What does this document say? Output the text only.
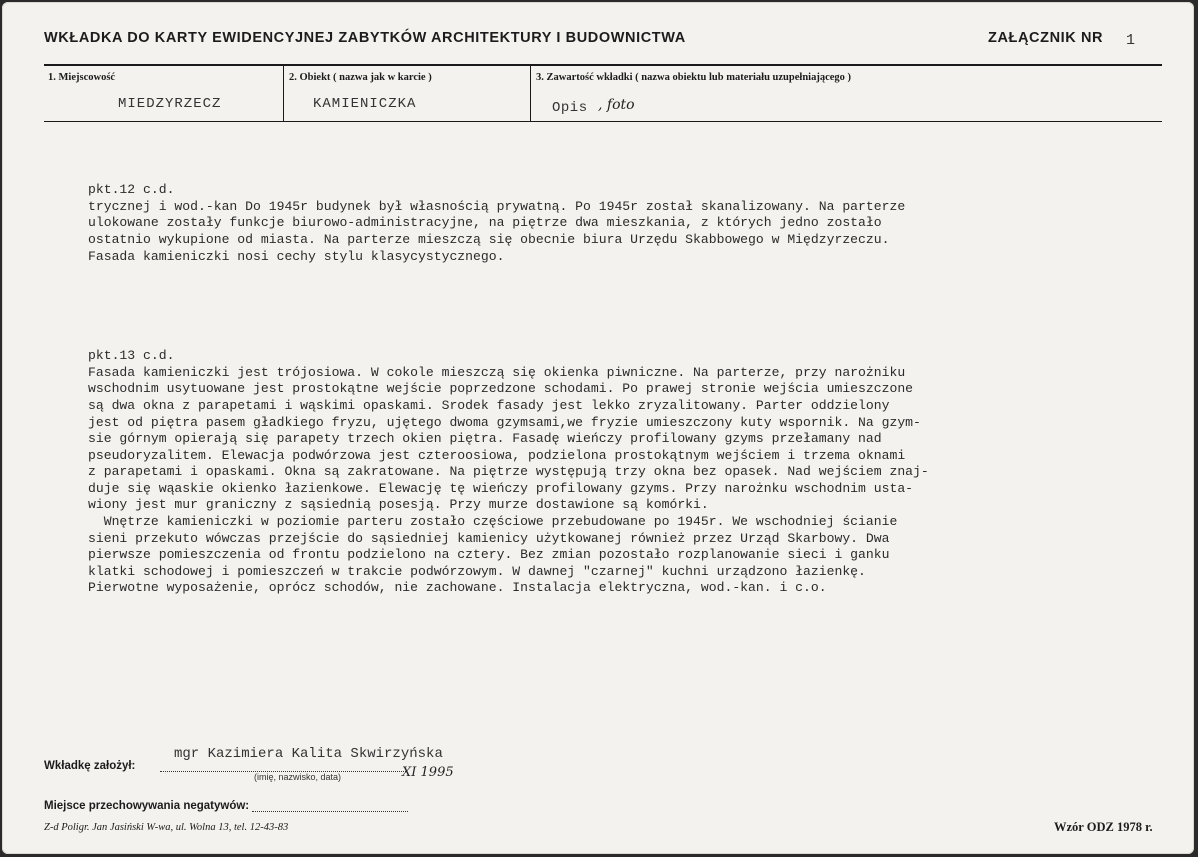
WKŁADKA DO KARTY EWIDENCYJNEJ ZABYTKÓW ARCHITEKTURY I BUDOWNICTWA	ZAŁĄCZNIK NR 1
1. Miejscowość
MIEDZYRZECZ
2. Obiekt ( nazwa jak w karcie )
KAMIENICZKA
3. Zawartość wkładki ( nazwa obiektu lub materiału uzupełniającego )
Opis , foto

pkt.12 c.d.
trycznej i wod.-kan Do 1945r budynek był własnością prywatną. Po 1945r został skanalizowany. Na parterze
ulokowane zostały funkcje biurowo-administracyjne, na piętrze dwa mieszkania, z których jedno zostało
ostatnio wykupione od miasta. Na parterze mieszczą się obecnie biura Urzędu Skabbowego w Międzyrzeczu.
Fasada kamieniczki nosi cechy stylu klasycystycznego.

pkt.13 c.d.
Fasada kamieniczki jest trójosiowa. W cokole mieszczą się okienka piwniczne. Na parterze, przy narożniku
wschodnim usytuowane jest prostokątne wejście poprzedzone schodami. Po prawej stronie wejścia umieszczone
są dwa okna z parapetami i wąskimi opaskami. Srodek fasady jest lekko zryzalitowany. Parter oddzielony
jest od piętra pasem gładkiego fryzu, ujętego dwoma gzymsami,we fryzie umieszczony kuty wspornik. Na gzym-
sie górnym opierają się parapety trzech okien piętra. Fasadę wieńczy profilowany gzyms przełamany nad
pseudoryzalitem. Elewacja podwórzowa jest czteroosiowa, podzielona prostokątnym wejściem i trzema oknami
z parapetami i opaskami. Okna są zakratowane. Na piętrze występują trzy okna bez opasek. Nad wejściem znaj-
duje się wąaskie okienko łazienkowe. Elewację tę wieńczy profilowany gzyms. Przy narożnku wschodnim usta-
wiony jest mur graniczny z sąsiednią posesją. Przy murze dostawione są komórki.
Wnętrze kamieniczki w poziomie parteru zostało częściowe przebudowane po 1945r. We wschodniej ścianie
sieni przekuto wówczas przejście do sąsiedniej kamienicy użytkowanej również przez Urząd Skarbowy. Dwa
pierwsze pomieszczenia od frontu podzielono na cztery. Bez zmian pozostało rozplanowanie sieci i ganku
klatki schodowej i pomieszczeń w trakcie podwórzowym. W dawnej "czarnej" kuchni urządzono łazienkę.
Pierwotne wyposażenie, oprócz schodów, nie zachowane. Instalacja elektryczna, wod.-kan. i c.o.

mgr Kazimiera Kalita Skwirzyńska
Wkładkę założył:
(imię, nazwisko, data)	XI 1995
Miejsce przechowywania negatywów:
Z-d Poligr. Jan Jasiński W-wa, ul. Wolna 13, tel. 12-43-83	Wzór ODZ 1978 r.
